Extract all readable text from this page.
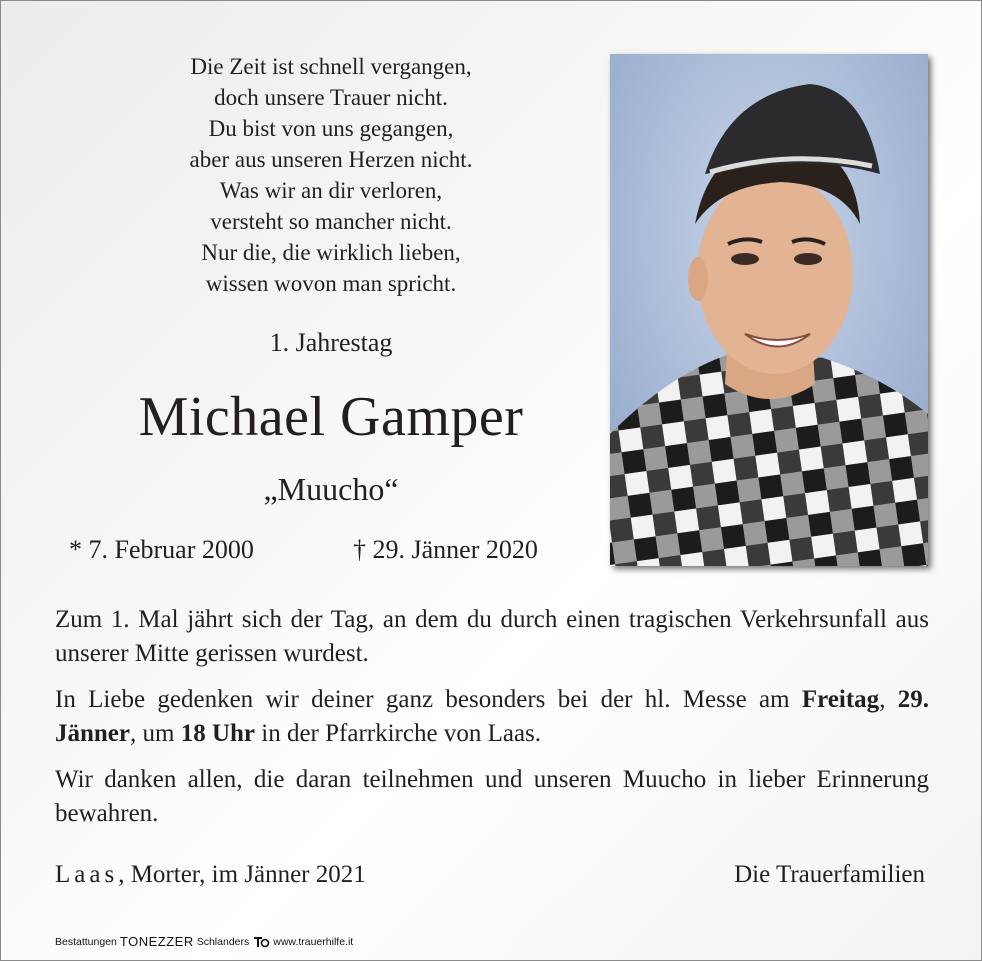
Die Zeit ist schnell vergangen,
doch unsere Trauer nicht.
Du bist von uns gegangen,
aber aus unseren Herzen nicht.
Was wir an dir verloren,
versteht so mancher nicht.
Nur die, die wirklich lieben,
wissen wovon man spricht.
1. Jahrestag
Michael Gamper
„Muucho“
* 7. Februar 2000	† 29. Jänner 2020

Zum 1. Mal jährt sich der Tag, an dem du durch einen tragischen Verkehrsunfall aus unserer Mitte gerissen wurdest.

In Liebe gedenken wir deiner ganz besonders bei der hl. Messe am Freitag, 29. Jänner, um 18 Uhr in der Pfarrkirche von Laas.

Wir danken allen, die daran teilnehmen und unseren Muucho in lieber Erinnerung bewahren.

Laas, Morter, im Jänner 2021	Die Trauerfamilien
Bestattungen TONEZZER Schlanders www.trauerhilfe.it
